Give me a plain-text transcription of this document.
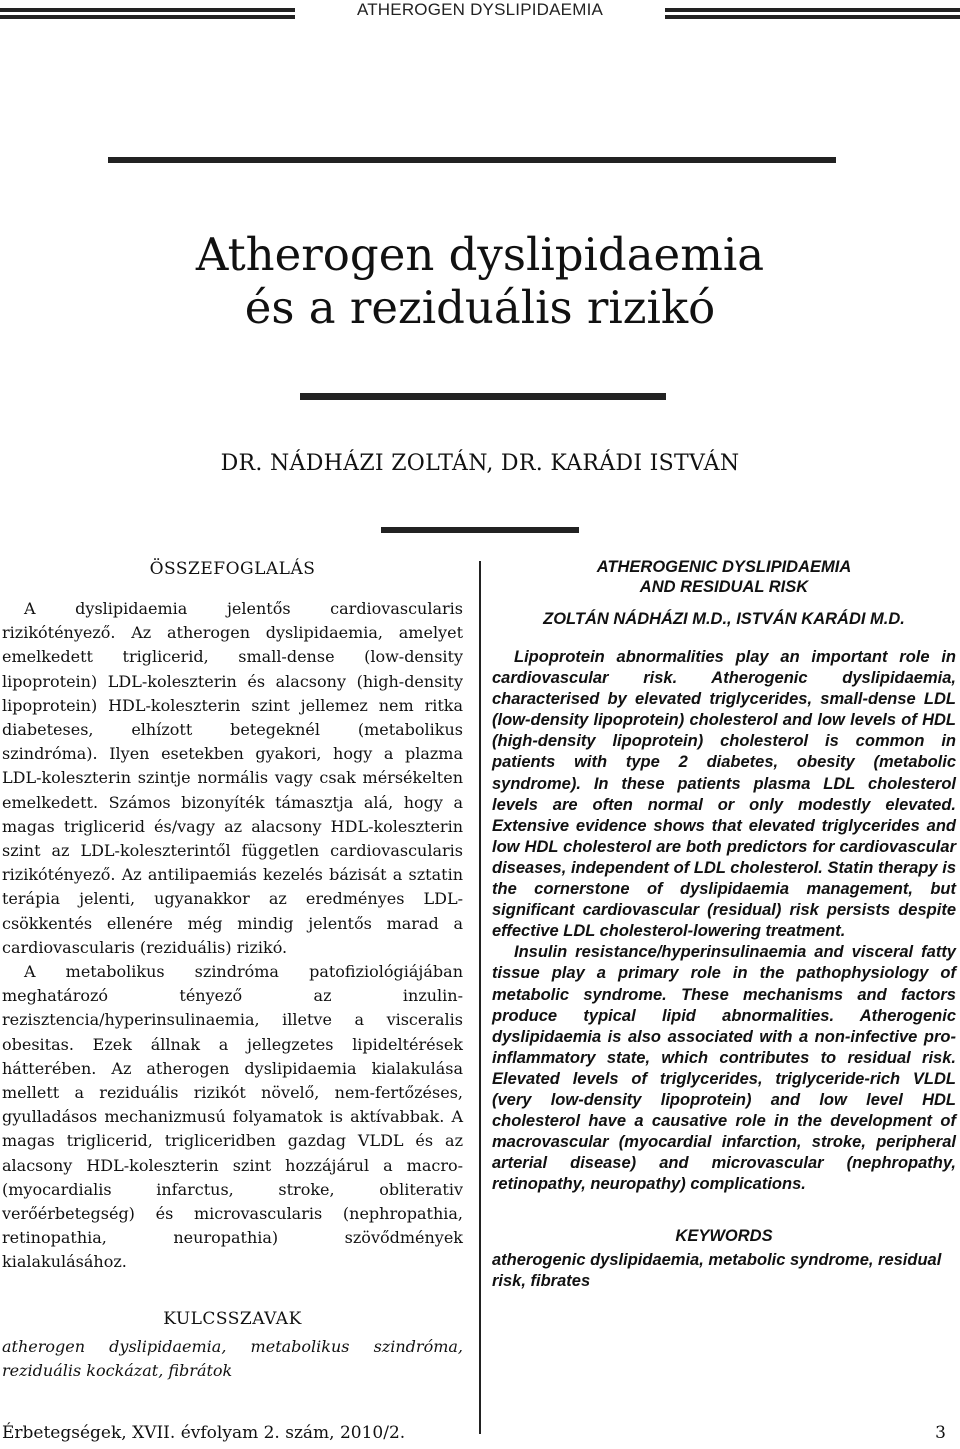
ATHEROGEN DYSLIPIDAEMIA
Atherogen dyslipidaemia
és a reziduális rizikó
DR. NÁDHÁZI ZOLTÁN, DR. KARÁDI ISTVÁN
ÖSSZEFOGLALÁS

A dyslipidaemia jelentős cardiovascularis rizikótényező. Az atherogen dyslipidaemia, amelyet emelkedett triglicerid, small-dense (low-density lipoprotein) LDL-koleszterin és alacsony (high-density lipoprotein) HDL-koleszterin szint jellemez nem ritka diabeteses, elhízott betegeknél (metabolikus szindróma). Ilyen esetekben gyakori, hogy a plazma LDL-koleszterin szintje normális vagy csak mérsékelten emelkedett. Számos bizonyíték támasztja alá, hogy a magas triglicerid és/vagy az alacsony HDL-koleszterin szint az LDL-koleszterintől független cardiovascularis rizikótényező. Az antilipaemiás kezelés bázisát a sztatin terápia jelenti, ugyanakkor az eredményes LDL-csökkentés ellenére még mindig jelentős marad a cardiovascularis (reziduális) rizikó.

A metabolikus szindróma patofiziológiájában meghatározó tényező az inzulin- rezisztencia/hyperinsulinaemia, illetve a visceralis obesitas. Ezek állnak a jellegzetes lipideltérések hátterében. Az atherogen dyslipidaemia kialakulása mellett a reziduális rizikót növelő, nem-fertőzéses, gyulladásos mechanizmusú folyamatok is aktívabbak. A magas triglicerid, trigliceridben gazdag VLDL és az alacsony HDL-koleszterin szint hozzájárul a macro- (myocardialis infarctus, stroke, obliterativ verőérbetegség) és microvascularis (nephropathia, retinopathia, neuropathia) szövődmények kialakulásához.

KULCSSZAVAK
atherogen dyslipidaemia, metabolikus szindróma, reziduális kockázat, fibrátok
ATHEROGENIC DYSLIPIDAEMIA
AND RESIDUAL RISK
ZOLTÁN NÁDHÁZI M.D., ISTVÁN KARÁDI M.D.

Lipoprotein abnormalities play an important role in cardiovascular risk. Atherogenic dyslipidaemia, characterised by elevated triglycerides, small-dense LDL (low-density lipoprotein) cholesterol and low levels of HDL (high-density lipoprotein) cholesterol is common in patients with type 2 diabetes, obesity (metabolic syndrome). In these patients plasma LDL cholesterol levels are often normal or only modestly elevated. Extensive evidence shows that elevated triglycerides and low HDL cholesterol are both predictors for cardiovascular diseases, independent of LDL cholesterol. Statin therapy is the cornerstone of dyslipidaemia management, but significant cardiovascular (residual) risk persists despite effective LDL cholesterol-lowering treatment.

Insulin resistance/hyperinsulinaemia and visceral fatty tissue play a primary role in the pathophysiology of metabolic syndrome. These mechanisms and factors produce typical lipid abnormalities. Atherogenic dyslipidaemia is also associated with a non-infective pro-inflammatory state, which contributes to residual risk. Elevated levels of triglycerides, triglyceride-rich VLDL (very low-density lipoprotein) and low level HDL cholesterol have a causative role in the development of macrovascular (myocardial infarction, stroke, peripheral arterial disease) and microvascular (nephropathy, retinopathy, neuropathy) complications.

KEYWORDS
atherogenic dyslipidaemia, metabolic syndrome, residual risk, fibrates
Érbetegségek, XVII. évfolyam 2. szám, 2010/2.	3
